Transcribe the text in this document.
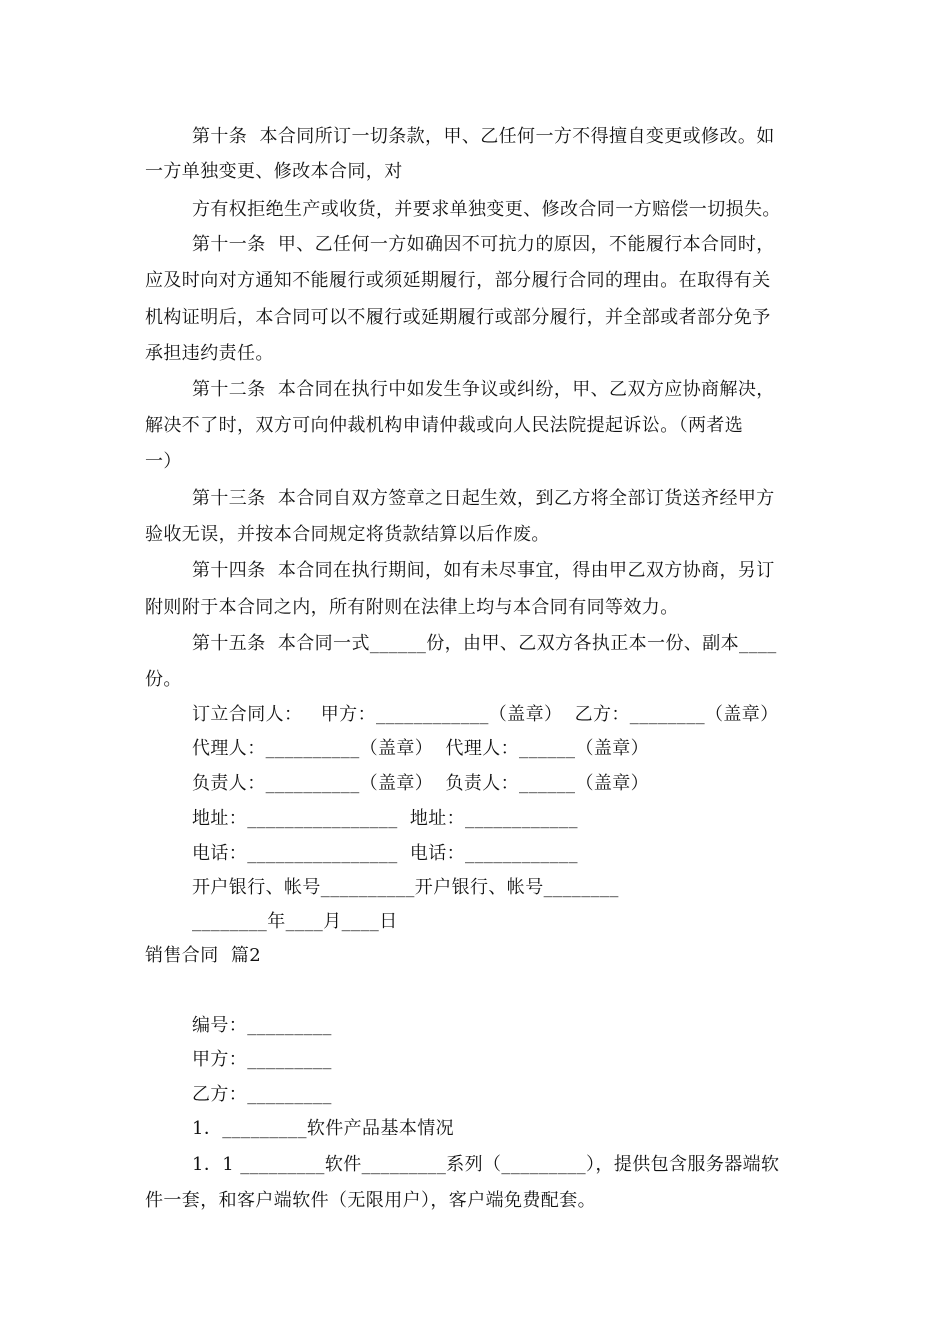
第十条  本合同所订一切条款，甲、乙任何一方不得擅自变更或修改。如
一方单独变更、修改本合同，对
方有权拒绝生产或收货，并要求单独变更、修改合同一方赔偿一切损失。
第十一条  甲、乙任何一方如确因不可抗力的原因，不能履行本合同时，
应及时向对方通知不能履行或须延期履行，部分履行合同的理由。在取得有关
机构证明后，本合同可以不履行或延期履行或部分履行，并全部或者部分免予
承担违约责任。
第十二条  本合同在执行中如发生争议或纠纷，甲、乙双方应协商解决，
解决不了时，双方可向仲裁机构申请仲裁或向人民法院提起诉讼。（两者选
一）
第十三条  本合同自双方签章之日起生效，到乙方将全部订货送齐经甲方
验收无误，并按本合同规定将货款结算以后作废。
第十四条  本合同在执行期间，如有未尽事宜，得由甲乙双方协商，另订
附则附于本合同之内，所有附则在法律上均与本合同有同等效力。
第十五条  本合同一式______份，由甲、乙双方各执正本一份、副本____
份。
订立合同人：   甲方：____________（盖章）  乙方：________（盖章）
代理人：__________（盖章）  代理人：______（盖章）
负责人：__________（盖章）  负责人：______（盖章）
地址：________________  地址：____________
电话：________________  电话：____________
开户银行、帐号__________开户银行、帐号________
________年____月____日
销售合同  篇2
编号：_________
甲方：_________
乙方：_________
1．_________软件产品基本情况
1．1 _________软件_________系列（_________），提供包含服务器端软
件一套，和客户端软件（无限用户），客户端免费配套。
